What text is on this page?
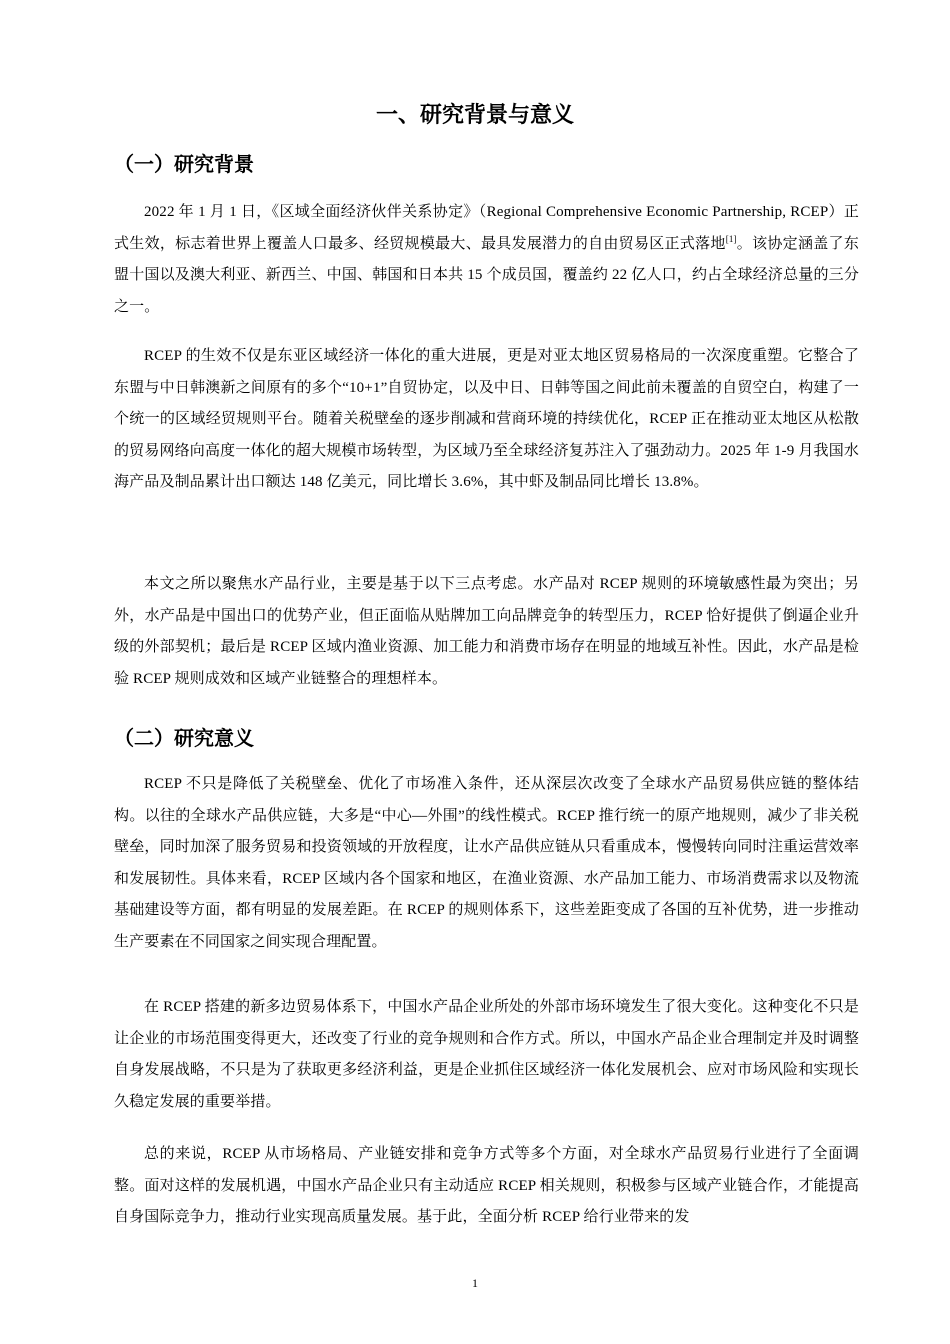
一、研究背景与意义
（一）研究背景

2022 年 1 月 1 日，《区域全面经济伙伴关系协定》（Regional Comprehensive Economic Partnership, RCEP）正式生效，标志着世界上覆盖人口最多、经贸规模最大、最具发展潜力的自由贸易区正式落地[1]。该协定涵盖了东盟十国以及澳大利亚、新西兰、中国、韩国和日本共 15 个成员国，覆盖约 22 亿人口，约占全球经济总量的三分之一。

RCEP 的生效不仅是东亚区域经济一体化的重大进展，更是对亚太地区贸易格局的一次深度重塑。它整合了东盟与中日韩澳新之间原有的多个“10+1”自贸协定，以及中日、日韩等国之间此前未覆盖的自贸空白，构建了一个统一的区域经贸规则平台。随着关税壁垒的逐步削减和营商环境的持续优化，RCEP 正在推动亚太地区从松散的贸易网络向高度一体化的超大规模市场转型，为区域乃至全球经济复苏注入了强劲动力。2025 年 1-9 月我国水海产品及制品累计出口额达 148 亿美元，同比增长 3.6%，其中虾及制品同比增长 13.8%。

本文之所以聚焦水产品行业，主要是基于以下三点考虑。水产品对 RCEP 规则的环境敏感性最为突出；另外，水产品是中国出口的优势产业，但正面临从贴牌加工向品牌竞争的转型压力，RCEP 恰好提供了倒逼企业升级的外部契机；最后是 RCEP 区域内渔业资源、加工能力和消费市场存在明显的地域互补性。因此，水产品是检验 RCEP 规则成效和区域产业链整合的理想样本。

（二）研究意义

RCEP 不只是降低了关税壁垒、优化了市场准入条件，还从深层次改变了全球水产品贸易供应链的整体结构。以往的全球水产品供应链，大多是“中心—外围”的线性模式。RCEP 推行统一的原产地规则，减少了非关税壁垒，同时加深了服务贸易和投资领域的开放程度，让水产品供应链从只看重成本，慢慢转向同时注重运营效率和发展韧性。具体来看，RCEP 区域内各个国家和地区，在渔业资源、水产品加工能力、市场消费需求以及物流基础建设等方面，都有明显的发展差距。在 RCEP 的规则体系下，这些差距变成了各国的互补优势，进一步推动生产要素在不同国家之间实现合理配置。

在 RCEP 搭建的新多边贸易体系下，中国水产品企业所处的外部市场环境发生了很大变化。这种变化不只是让企业的市场范围变得更大，还改变了行业的竞争规则和合作方式。所以，中国水产品企业合理制定并及时调整自身发展战略，不只是为了获取更多经济利益，更是企业抓住区域经济一体化发展机会、应对市场风险和实现长久稳定发展的重要举措。

总的来说，RCEP 从市场格局、产业链安排和竞争方式等多个方面，对全球水产品贸易行业进行了全面调整。面对这样的发展机遇，中国水产品企业只有主动适应 RCEP 相关规则，积极参与区域产业链合作，才能提高自身国际竞争力，推动行业实现高质量发展。基于此，全面分析 RCEP 给行业带来的发

1
